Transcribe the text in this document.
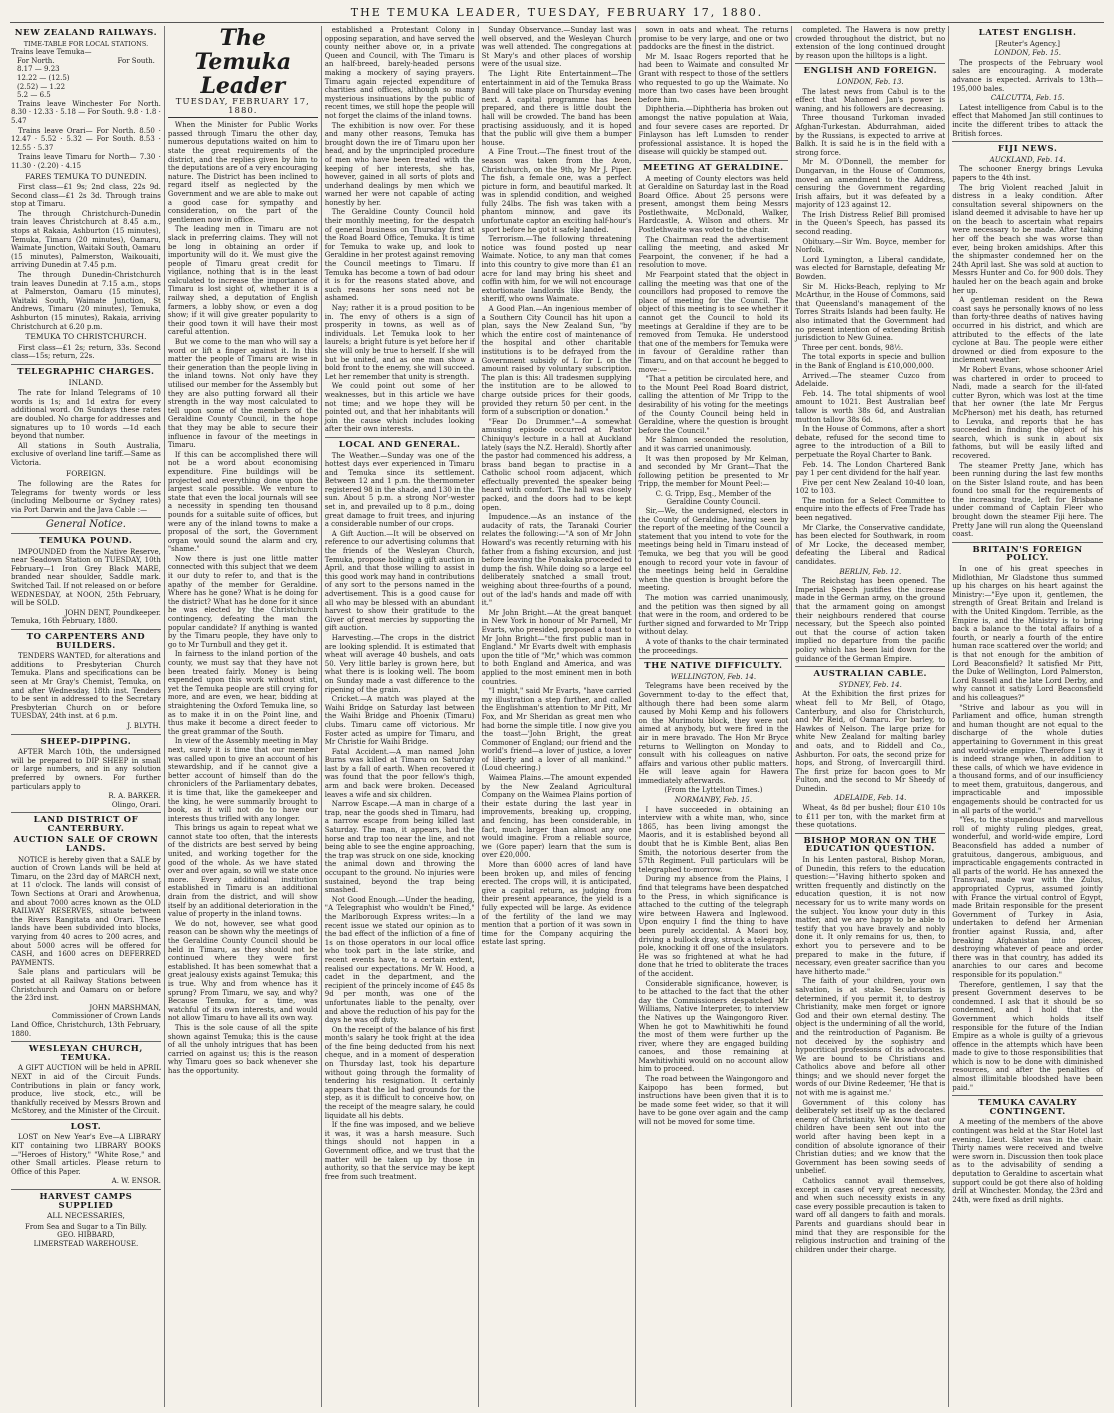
THE TEMUKA LEADER, TUESDAY, FEBRUARY 17, 1880.
NEW ZEALAND RAILWAYS.
TIME-TABLE FOR LOCAL STATIONS.
Trains leave Temuka—
For North.	For South.
8.17 — 9.23
12.22 — (12.5)
(2.52) — 1.22
5.2 — 6.5

Trains leave Winchester For North. 8.30 · 12.33 · 5.18 — For South. 9.8 · 1.8 · 5.47

Trains leave Orari— For North. 8.50 · 12.47 · 5.52 · 5.32 — For South. 8.53 · 12.55 · 5.37

Trains leave Timaru for North— 7.30 · 11.30 · (2.20) · 4.15

FARES TEMUKA TO DUNEDIN.

First class—£1 9s; 2nd class, 22s 9d. Second class—£1 2s 3d. Through trains stop at Timaru.

The through Christchurch-Dunedin train leaves Christchurch at 8.45 a.m., stops at Rakaia, Ashburton (15 minutes), Temuka, Timaru (20 minutes), Oamaru, Waimate Junction, Waitaki South, Oamaru (15 minutes), Palmerston, Waikouaiti, arriving Dunedin at 7.45 p.m.

The through Dunedin-Christchurch train leaves Dunedin at 7.15 a.m., stops at Palmerston, Oamaru (15 minutes), Waitaki South, Waimate Junction, St Andrews, Timaru (20 minutes), Temuka, Ashburton (15 minutes), Rakaia, arriving Christchurch at 6.20 p.m.

TEMUKA TO CHRISTCHURCH.

First class—£1 2s; return, 33s. Second class—15s; return, 22s.

TELEGRAPHIC CHARGES.
INLAND.

The rate for Inland Telegrams of 10 words is 1s; and 1d extra for every additional word. On Sundays these rates are doubled. No charge for addresses and signatures up to 10 words —1d each beyond that number.

All stations in South Australia, exclusive of overland line tariff.—Same as Victoria.

FOREIGN.

The following are the Rates for Telegrams for twenty words or less (including Melbourne or Sydney rates) via Port Darwin and the Java Cable :—

General Notice.
TEMUKA POUND.

IMPOUNDED from the Native Reserve, near Seadown Station on TUESDAY, 10th February—1 Iron Grey Black MARE, branded near shoulder, Saddle mark. Switched Tail. If not released on or before WEDNESDAY, at NOON, 25th February, will be SOLD.

JOHN DENT, Poundkeeper.
Temuka, 16th February, 1880.
TO CARPENTERS AND BUILDERS.

TENDERS WANTED, for alterations and additions to Presbyterian Church Temuka. Plans and specifications can be seen at Mr Gray's Chemist, Temuka, on and after Wednesday, 18th inst. Tenders to be sent in addressed to the Secretary Presbyterian Church on or before TUESDAY, 24th inst. at 6 p.m.

J. BLYTH.
SHEEP-DIPPING.

AFTER March 10th, the undersigned will be prepared to DIP SHEEP in small or large numbers, and in any solution preferred by owners. For further particulars apply to

R. A. BARKER.
Olingo, Orari.
LAND DISTRICT OF CANTERBURY.
AUCTION SALE OF CROWN LANDS.

NOTICE is hereby given that a SALE by auction of Crown Lands will be held at Timaru, on the 23rd day of MARCH next, at 11 o'clock. The lands will consist of Town Sections at Orari and Arowhenua, and about 7000 acres known as the OLD RAILWAY RESERVES, situate between the Rivers Rangitata and Orari. These lands have been subdivided into blocks, varying from 40 acres to 200 acres, and about 5000 acres will be offered for CASH, and 1600 acres on DEFERRED PAYMENTS.

Sale plans and particulars will be posted at all Railway Stations between Christchurch and Oamaru on or before the 23rd inst.

JOHN MARSHMAN,
Commissioner of Crown Lands
Land Office, Christchurch, 13th February, 1880.
WESLEYAN CHURCH, TEMUKA.

A GIFT AUCTION will be held in APRIL NEXT in aid of the Circuit Funds. Contributions in plain or fancy work, produce, live stock, etc., will be thankfully received by Messrs Brown and McStorey, and the Minister of the Circuit.

LOST.

LOST on New Year's Eve—A LIBRARY KIT containing two LIBRARY BOOKS—"Heroes of History," "White Rose," and other Small articles. Please return to Office of this Paper.

A. W. ENSOR.
HARVEST CAMPS SUPPLIED
ALL NECESSARIES,
From Sea and Sugar to a Tin Billy.
GEO. HIBBARD,
LIMERSTEAD WAREHOUSE.
The Temuka Leader
TUESDAY, FEBRUARY 17, 1880.

When the Minister for Public Works passed through Timaru the other day, numerous deputations waited on him to state the great requirements of the district, and the replies given by him to the deputations are of a very encouraging nature. The District has been inclined to regard itself as neglected by the Government and we are able to make out a good case for sympathy and consideration, on the part of the gentlemen now in office.

The leading men in Timaru are not slack in preferring claims. They will not be long in obtaining an order if importunity will do it. We must give the people of Timaru great credit for vigilance, nothing that is in the least calculated to increase the importance of Timaru is lost sight of, whether it is a railway shed, a deputation of English farmers, a lobby show, or even a dog show; if it will give greater popularity to their good town it will have their most careful attention.

But we come to the man who will say a word or lift a finger against it. In this matter the people of Timaru are wise in their generation than the people living in the inland towns. Not only have they utilised our member for the Assembly but they are also putting forward all their strength in the way most calculated to tell upon some of the members of the Geraldine County Council, in the hope that they may be able to secure their influence in favour of the meetings in Timaru.

If this can be accomplished there will not be a word about economising expenditure. Fine buildings will be projected and everything done upon the largest scale possible. We venture to state that even the local journals will see a necessity in spending ten thousand pounds for a suitable suite of offices, but were any of the inland towns to make a proposal of the sort, the Government organ would sound the alarm and cry, "shame."

Now there is just one little matter connected with this subject that we deem it our duty to refer to, and that is the apathy of the member for Geraldine. Where has he gone? What is he doing for the district? What has he done for it since he was elected by the Christchurch contingency, defeating the man the popular candidate? If anything is wanted by the Timaru people, they have only to go to Mr Turnbull and they get it.

In fairness to the inland portion of the county, we must say that they have not been treated fairly. Money is being expended upon this work without stint, yet the Temuka people are still crying for more, and are even, we hear, bidding at straightening the Oxford Temuka line, so as to make it in on the Point line, and thus make it become a direct feeder to the great grammar of the South.

In view of the Assembly meeting in May next, surely it is time that our member was called upon to give an account of his stewardship, and if he cannot give a better account of himself than do the chroniclers of the Parliamentary debates, it is time that, like the gamekeeper and the king, he were summarily brought to book, as it will not do to have our interests thus trifled with any longer.

This brings us again to repeat what we cannot state too often, that the interests of the districts are best served by being united, and working together for the good of the whole. As we have stated over and over again, so will we state once more. Every additional institution established in Timaru is an additional drain from the district, and will show itself by an additional deterioration in the value of property in the inland towns.

We do not, however, see what good reason can be shown why the meetings of the Geraldine County Council should be held in Timaru, as they should not be continued where they were first established. It has been somewhat that a great jealousy exists against Temuka; this is true. Why and from whence has it sprung? From Timaru, we say, and why? Because Temuka, for a time, was watchful of its own interests, and would not allow Timaru to have all its own way.

This is the sole cause of all the spite shown against Temuka; this is the cause of all the unholy intrigues that has been carried on against us; this is the reason why Timaru goes so back whenever she has the opportunity.

established a Protestant Colony in opposing separation, and have served the county neither above or, in a private Queen and Council, with The Timaru is an half-breed, barely-headed persons making a mockery of saying prayers. Timaru again rejected expenditure of charities and offices, although so many mysterious insinuations by the public of recent times, we still hope the people will not forget the claims of the inland towns.

The exhibition is now over. For these and many other reasons, Temuka has brought down the ire of Timaru upon her head, and by the unprincipled procedure of men who have been treated with the keeping of her interests, she has, however, gained in all sorts of plots and underhand dealings by men which we warned her were not capable of acting honestly by her.

The Geraldine County Council hold their monthly meeting, for the despatch of general business on Thursday first at the Road Board Office, Temuka. It is time for Temuka to wake up, and look to Geraldine in her protest against removing the Council meetings to Timaru. If Temuka has become a town of bad odour it is for the reasons stated above, and such reasons her sons need not be ashamed.

Nay; rather it is a proud position to be in. The envy of others is a sign of prosperity in towns, as well as of individuals. Let Temuka look to her laurels; a bright future is yet before her if she will only be true to herself. If she will but be united, and as one man show a bold front to the enemy, she will succeed. Let her remember that unity is strength.

We could point out some of her weaknesses, but in this article we have not time; and we hope they will be pointed out, and that her inhabitants will join the cause which includes looking after their own interests.

LOCAL AND GENERAL.

The Weather.—Sunday was one of the hottest days ever experienced in Timaru and Temuka since its settlement. Between 12 and 1 p.m. the thermometer registered 98 in the shade, and 130 in the sun. About 5 p.m. a strong Nor'-wester set in, and prevailed up to 8 p.m., doing great damage to fruit trees, and injuring a considerable number of our crops.

A Gift Auction.—It will be observed on reference to our advertising columns that the friends of the Wesleyan Church, Temuka, propose holding a gift auction in April, and that those willing to assist in this good work may hand in contributions of any sort to the persons named in the advertisement. This is a good cause for all who may be blessed with an abundant harvest to show their gratitude to the Giver of great mercies by supporting the gift auction.

Harvesting.—The crops in the district are looking splendid. It is estimated that wheat will average 40 bushels, and oats 50. Very little barley is grown here, but what there is is looking well. The boom on Sunday made a vast difference to the ripening of the grain.

Cricket.—A match was played at the Waihi Bridge on Saturday last between the Waihi Bridge and Phoenix (Timaru) clubs. Timaru came off victorious. Mr Foster acted as umpire for Timaru, and Mr Christie for Waihi Bridge.

Fatal Accident.—A man named John Burns was killed at Timaru on Saturday last by a fall of earth. When recovered it was found that the poor fellow's thigh, arm and back were broken. Deceased leaves a wife and six children.

Narrow Escape.—A man in charge of a trap, near the goods shed in Timaru, had a narrow escape from being killed last Saturday. The man, it appears, had the horse and trap too near the line, and not being able to see the engine approaching, the trap was struck on one side, knocking the animal down and throwing the occupant to the ground. No injuries were sustained, beyond the trap being smashed.

Not Good Enough.—Under the heading, "A Telegraphist who wouldn't be Fined," the Marlborough Express writes:—In a recent issue we stated our opinion as to the bad effect of the infliction of a fine of 1s on those operators in our local office who took part in the late strike, and recent events have, to a certain extent, realised our expectations. Mr W. Hood, a cadet in the department, and the recipient of the princely income of £45 8s 9d per month, was one of the unfortunates liable to the penalty, over and above the reduction of his pay for the days he was off duty.

On the receipt of the balance of his first month's salary he took fright at the idea of the fine being deducted from his next cheque, and in a moment of desperation on Thursday last, took his departure without going through the formality of tendering his resignation. It certainly appears that the lad had grounds for the step, as it is difficult to conceive how, on the receipt of the meagre salary, he could liquidate all his debts.

If the fine was imposed, and we believe it was, it was a harsh measure. Such things should not happen in a Government office, and we trust that the matter will be taken up by those in authority, so that the service may be kept free from such treatment.

Sunday Observance.—Sunday last was well observed, and the Wesleyan Church was well attended. The congregations at St Mary's and other places of worship were of the usual size.

The Light Rite Entertainment—The entertainment in aid of the Temuka Brass Band will take place on Thursday evening next. A capital programme has been prepared, and there is little doubt the hall will be crowded. The band has been practising assiduously, and it is hoped that the public will give them a bumper house.

A Fine Trout.—The finest trout of the season was taken from the Avon, Christchurch, on the 9th, by Mr J. Piper. The fish, a female one, was a perfect picture in form, and beautiful marked. It was in splendid condition, and weighed fully 24lbs. The fish was taken with a phantom minnow, and gave its unfortunate captor an exciting half-hour's sport before he got it safely landed.

Terrorism.—The following threatening notice was found posted up near Waimate. Notice, to any man that comes into this country to give more than £1 an acre for land may bring his sheet and coffin with him, for we will not encourage extortionate landlords like Bendy, the sheriff, who owns Waimate.

A Good Plan.—An ingenious member of a Southern City Council has hit upon a plan, says the New Zealand Sun, "by which the entire cost of maintenance of the hospital and other charitable institutions is to be defrayed from the Government subsidy of L for L on the amount raised by voluntary subscription. The plan is this: All tradesmen supplying the institution are to be allowed to charge outside prices for their goods, provided they return 50 per cent. in the form of a subscription or donation."

"Fear Do Drummer."—A somewhat amusing episode occurred at Pastor Chiniquy's lecture in a hall at Auckland lately (says the N.Z. Herald). Shortly after the pastor had commenced his address, a brass band began to practise in a Catholic school room adjacent, which effectually prevented the speaker being heard with comfort. The hall was closely packed, and the doors had to be kept open.

Impudence.—As an instance of the audacity of rats, the Taranaki Courier relates the following:—"A son of Mr John Howard's was recently returning with his father from a fishing excursion, and just before leaving the Ponakaka proceeded to dump the fish. While doing so a large eel deliberately snatched a small trout, weighing about three-fourths of a pound, out of the lad's hands and made off with it."

Mr John Bright.—At the great banquet in New York in honour of Mr Parnell, Mr Evarts, who presided, proposed a toast to Mr John Bright—"the first public man in England." Mr Evarts dwelt with emphasis upon the title of "Mr," which was common to both England and America, and was applied to the most eminent men in both countries.

"I might," said Mr Evarts, "have carried my illustration a step further, and called the Englishman's attention to Mr Pitt, Mr Fox, and Mr Sheridan as great men who had borne the simple title. I now give you the toast—'John Bright, the great Commoner of England; our friend and the world's friend—a lover of justice, a lover of liberty and a lover of all mankind.'" (Loud cheering.)

Waimea Plains.—The amount expended by the New Zealand Agricultural Company on the Waimea Plains portion of their estate during the last year in improvements, breaking up, cropping, and fencing, has been considerable, in fact, much larger than almost any one would imagine. From a reliable source, we (Gore paper) learn that the sum is over £20,000.

More than 6000 acres of land have been broken up, and miles of fencing erected. The crops will, it is anticipated, give a capital return, as judging from their present appearance, the yield is a fully expected will be large. As evidence of the fertility of the land we may mention that a portion of it was sown in time for the Company acquiring the estate last spring.

sown in oats and wheat. The returns promise to be very large, and one or two paddocks are the finest in the district.

Mr M. Isaac Rogers reported that he had been to Waimate and consulted Mr Grant with respect to those of the settlers who requested to go up the Waimate. No more than two cases have been brought before him.

Diphtheria.—Diphtheria has broken out amongst the native population at Waia, and four severe cases are reported. Dr Finlayson has left Lumsden to render professional assistance. It is hoped the disease will quickly be stamped out.

MEETING AT GERALDINE.

A meeting of County electors was held at Geraldine on Saturday last in the Road Board Office. About 25 persons were present, amongst them being Messrs Postlethwaite, McDonald, Walker, Hardcastle, A. Wilson and others. Mr Postlethwaite was voted to the chair.

The Chairman read the advertisement calling the meeting, and asked Mr Fearpoint, the convener, if he had a resolution to move.

Mr Fearpoint stated that the object in calling the meeting was that one of the councillors had proposed to remove the place of meeting for the Council. The object of this meeting is to see whether it cannot get the Council to hold its meetings at Geraldine if they are to be removed from Temuka. He understood that one of the members for Temuka were in favour of Geraldine rather than Timaru, and on that account he begged to move:—

"That a petition be circulated here, and to the Mount Peel Road Board district, calling the attention of Mr Tripp to the desirability of his voting for the meetings of the County Council being held in Geraldine, where the question is brought before the Council."

Mr Salmon seconded the resolution, and it was carried unanimously.

It was then proposed by Mr Kelman, and seconded by Mr Grant—That the following petition be presented to Mr Tripp, the member for Mount Peel:—

C. G. Tripp, Esq., Member of the Geraldine County Council.

Sir,—We, the undersigned, electors in the County of Geraldine, having seen by the report of the meeting of the Council a statement that you intend to vote for the meetings being held in Timaru instead of Temuka, we beg that you will be good enough to record your vote in favour of the meetings being held in Geraldine when the question is brought before the meeting.

The motion was carried unanimously, and the petition was then signed by all that were in the room, and ordered to be further signed and forwarded to Mr Tripp without delay.

A vote of thanks to the chair terminated the proceedings.

THE NATIVE DIFFICULTY.
WELLINGTON, Feb. 14.

Telegrams have been received by the Government to-day to the effect that, although there had been some alarm caused by Mohi Kemp and his followers on the Murimotu block, they were not aimed at anybody, but were fired in the air in mere bravado. The Hon Mr Bryce returns to Wellington on Monday to consult with his colleagues on native affairs and various other public matters. He will leave again for Hawera immediately afterwards.

(From the Lyttelton Times.)
NORMANBY, Feb. 15.

I have succeeded in obtaining an interview with a white man, who, since 1865, has been living amongst the Maoris, and it is established beyond all doubt that he is Kimble Bent, alias Ben Smith, the notorious deserter from the 57th Regiment. Full particulars will be telegraphed to-morrow.

During my absence from the Plains, I find that telegrams have been despatched to the Press, in which significance is attached to the cutting of the telegraph wire between Hawera and Inglewood. Upon enquiry I find the thing to have been purely accidental. A Maori boy, driving a bullock dray, struck a telegraph pole, knocking it off one of the insulators. He was so frightened at what he had done that he tried to obliterate the traces of the accident.

Considerable significance, however, is to be attached to the fact that the other day the Commissioners despatched Mr Williams, Native Interpreter, to interview the Natives up the Waingongoro River. When he got to Mawhitiwhiti he found the most of them were further up the river, where they are engaged building canoes, and those remaining at Mawhitiwhiti would on no account allow him to proceed.

The road between the Waingongoro and Kaipopo has been formed, but instructions have been given that it is to be made some feet wider, so that it will have to be gone over again and the camp will not be moved for some time.

completed. The Hawera is now pretty crowded throughout the district, but no extension of the long continued drought by reason upon the hilltops is a light.

ENGLISH AND FOREIGN.
LONDON, Feb. 13.

The latest news from Cabul is to the effect that Mahomed Jan's power is waning, and his followers are decreasing.

Three thousand Turkoman invaded Afghan-Turkestan. Abdurrahman, aided by the Russians, is expected to arrive at Balkh. It is said he is in the field with a strong force.

Mr M. O'Donnell, the member for Dungarvan, in the House of Commons, moved an amendment to the Address, censuring the Government regarding Irish affairs, but it was defeated by a majority of 123 against 12.

The Irish Distress Relief Bill promised in the Queen's Speech, has passed its second reading.

Obituary.—Sir Wm. Boyce, member for Norfolk.

Lord Lymington, a Liberal candidate, was elected for Barnstaple, defeating Mr Bowden.

Sir M. Hicks-Beach, replying to Mr McArthur, in the House of Commons, said that Queensland's management of the Torres Straits Islands had been faulty. He also intimated that the Government had no present intention of extending British jurisdiction to New Guinea.

Three per cent. bonds, 98½.

The total exports in specie and bullion in the Bank of England is £10,000,000.

Arrived.—The steamer Cuzco from Adelaide.

Feb. 14. The total shipments of wool amount to 1021. Best Australian beef tallow is worth 38s 6d, and Australian mutton tallow 38s 6d.

In the House of Commons, after a short debate, refused for the second time to agree to the introduction of a Bill to perpetuate the Royal Charter to Bank.

Feb. 14. The London Chartered Bank pay 1 per cent dividend for the half year.

Five per cent New Zealand 10-40 loan, 102 to 103.

The motion for a Select Committee to enquire into the effects of Free Trade has been negatived.

Mr Clarke, the Conservative candidate, has been elected for Southwark, in room of Mr Locke, the deceased member, defeating the Liberal and Radical candidates.

BERLIN, Feb. 12.

The Reichstag has been opened. The Imperial Speech justifies the increase made in the German army, on the ground that the armament going on amongst their neighbours rendered that course necessary, but the Speech also pointed out that the course of action taken implied no departure from the pacific policy which has been laid down for the guidance of the German Empire.

AUSTRALIAN CABLE.
SYDNEY, Feb. 14.

At the Exhibition the first prizes for wheat fell to Mr Bell, of Otago, Canterbury, and also for Christchurch, and Mr Reid, of Oamaru. For barley, to Hawkes of Nelson. The large prize for white New Zealand for malting barley and oats, and to Riddell and Co., Ashburton. For oats, the second prize for hops, and Strong, of Invercargill third. The first prize for bacon goes to Mr Fulton, and the second to Mr Sheedy of Dunedin.

ADELAIDE, Feb. 14.

Wheat, 4s 8d per bushel; flour £10 10s to £11 per ton, with the market firm at these quotations.

BISHOP MORAN ON THE EDUCATION QUESTION.

In his Lenten pastoral, Bishop Moran, of Dunedin, this refers to the education question:—"Having hitherto spoken and written frequently and distinctly on the education question, it is not now necessary for us to write many words on the subject. You know your duty in this matter, and we are happy to be able to testify that you have bravely and nobly done it. It only remains for us, then, to exhort you to persevere and to be prepared to make in the future, if necessary, even greater sacrifice than you have hitherto made."

The faith of your children, your own salvation, is at stake. Secularism is determined, if you permit it, to destroy Christianity, make men forget or ignore God and their own eternal destiny. The object is the undermining of all the world, and the reintroduction of Paganism. Be not deceived by the sophistry and hypocritical professions of its advocates. We are bound to be Christians and Catholics above and before all other things; and we should never forget the words of our Divine Redeemer, 'He that is not with me is against me.'

Government of this colony has deliberately set itself up as the declared enemy of Christianity. We know that our children have been sent out into the world after having been kept in a condition of absolute ignorance of their Christian duties; and we know that the Government has been sowing seeds of unbelief.

Catholics cannot avail themselves, except in cases of very great necessity, and when such necessity exists in any case every possible precaution is taken to ward off all dangers to faith and morals. Parents and guardians should bear in mind that they are responsible for the religious instruction and training of the children under their charge.

LATEST ENGLISH.
[Reuter's Agency.]
LONDON, Feb. 15.

The prospects of the February wool sales are encouraging. A moderate advance is expected. Arrivals to 13th—195,000 bales.

CALCUTTA, Feb. 15.

Latest intelligence from Cabul is to the effect that Mahomed Jan still continues to incite the different tribes to attack the British forces.

FIJI NEWS.
AUCKLAND, Feb. 14.

The schooner Energy brings Levuka papers to the 4th inst.

The brig Violent reached Jaluit in distress in a leaky condition. After consultation several shipowners on the island deemed it advisable to have her up on the beach to ascertain what repairs were necessary to be made. After taking her off the beach she was worse than ever, being broken amidships. After this the shipmaster condemned her on the 24th April last. She was sold at auction to Messrs Hunter and Co. for 900 dols. They hauled her on the beach again and broke her up.

A gentleman resident on the Rewa coast says he personally knows of no less than forty-three deaths of natives having occurred in his district, and which are attributed to the effects of the late cyclone at Bau. The people were either drowned or died from exposure to the inclement weather.

Mr Robert Evans, whose schooner Ariel was chartered in order to proceed to Nadi, made a search for the ill-fated cutter Byron, which was lost at the time that her owner (the late Mr Fergus McPherson) met his death, has returned to Levuka, and reports that he has succeeded in finding the object of his search, which is sunk in about six fathoms, but will be easily lifted and recovered.

The steamer Pretty Jane, which has been running during the last few months on the Sister Island route, and has been found too small for the requirements of the increasing trade, left for Brisbane under command of Captain Fleer who brought down the steamer Fiji here. The Pretty Jane will run along the Queensland coast.

BRITAIN'S FOREIGN POLICY.

In one of his great speeches in Midlothian, Mr Gladstone thus summed up his charges on his heart against the Ministry:—"Eye upon it, gentlemen, the strength of Great Britain and Ireland is with the United Kingdom. Terrible, as the Empire is, and the Ministry is to bring back a balance to the total affairs of a fourth, or nearly a fourth of the entire human race scattered over the world; and is that not enough for the ambition of Lord Beaconsfield? It satisfied Mr Pitt, the Duke of Wellington, Lord Palmerston, Lord Russell and the late Lord Derby, and why cannot it satisfy Lord Beaconsfield and his colleagues?"

"Strive and labour as you will in Parliament and office, human strength and human thought are not equal to the discharge of the whole duties appertaining to Government in this great and world-wide empire. Therefore I say it is indeed strange when, in addition to these calls, of which we have evidence in a thousand forms, and of our insufficiency to meet them, gratuitous, dangerous, and impracticable and impossible engagements should be contracted for us in all parts of the world."

"Yes, to the stupendous and marvellous roll of mighty ruling pledges, great, wonderful, and world-wide empire, Lord Beaconsfield has added a number of gratuitous, dangerous, ambiguous, and impracticable engagements contracted in all parts of the world. He has annexed the Transvaal, made war with the Zulus, appropriated Cyprus, assumed jointly with France the virtual control of Egypt, made Britain responsible for the present Government of Turkey in Asia, undertaken to defend her Armenian frontier against Russia, and, after breaking Afghanistan into pieces, destroying whatever of peace and order there was in that country, has added its anarchies to our cares and become responsible for its population."

Therefore, gentlemen, I say that the present Government deserves to be condemned. I ask that it should be so condemned, and I hold that the Government which holds itself responsible for the future of the Indian Empire as a whole is guilty of a grievous offence in the attempts which have been made to give to those responsibilities that which is now to be done with diminished resources, and after the penalties of almost illimitable bloodshed have been paid."

TEMUKA CAVALRY CONTINGENT.

A meeting of the members of the above contingent was held at the Star Hotel last evening. Lieut. Slater was in the chair. Thirty names were received and twelve were sworn in. Discussion then took place as to the advisability of sending a deputation to Geraldine to ascertain what support could be got there also of holding drill at Winchester. Monday, the 23rd and 24th, were fixed as drill nights.
